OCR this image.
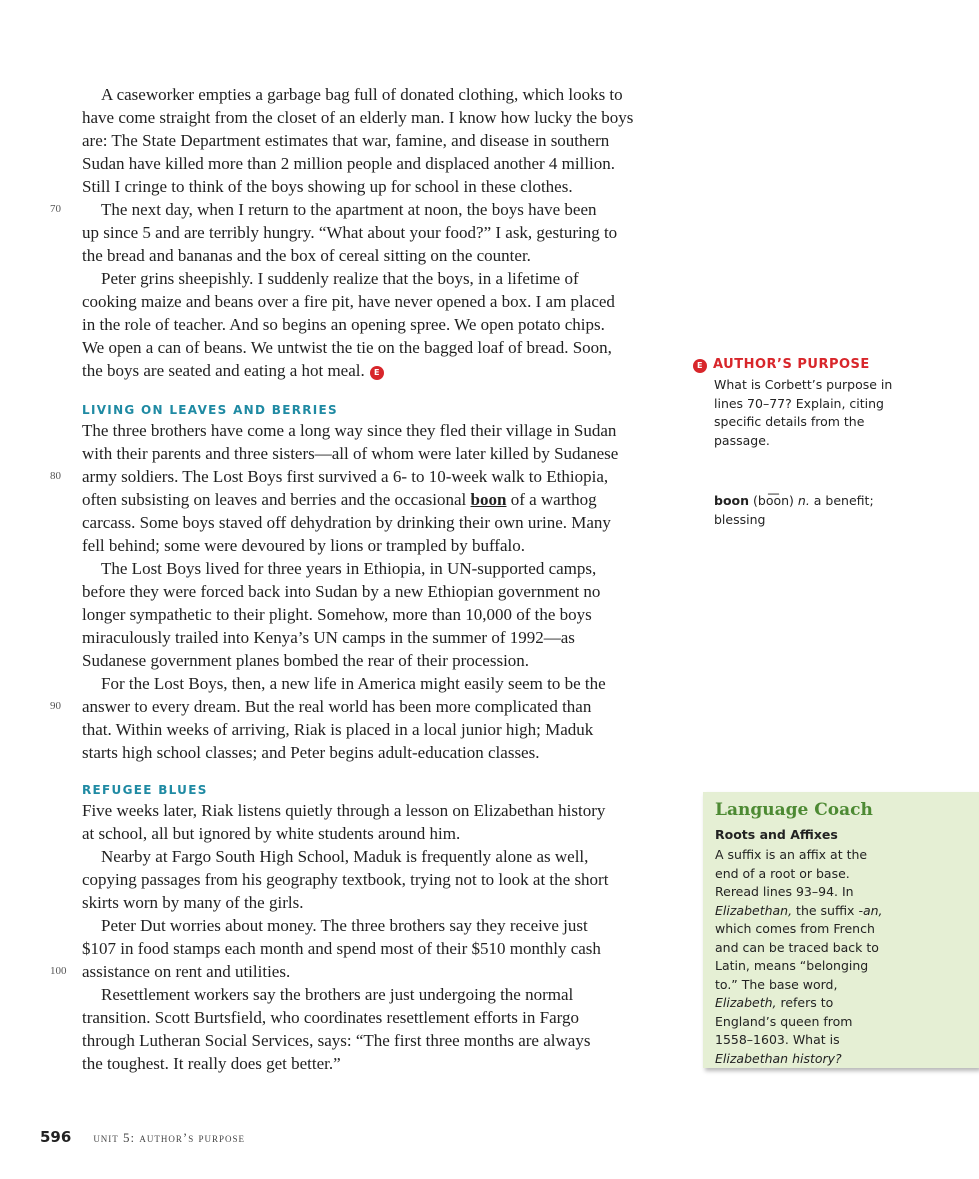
A caseworker empties a garbage bag full of donated clothing, which looks to
have come straight from the closet of an elderly man. I know how lucky the boys
are: The State Department estimates that war, famine, and disease in southern
Sudan have killed more than 2 million people and displaced another 4 million.
Still I cringe to think of the boys showing up for school in these clothes.
70	The next day, when I return to the apartment at noon, the boys have been
up since 5 and are terribly hungry. “What about your food?” I ask, gesturing to
the bread and bananas and the box of cereal sitting on the counter.
Peter grins sheepishly. I suddenly realize that the boys, in a lifetime of
cooking maize and beans over a fire pit, have never opened a box. I am placed
in the role of teacher. And so begins an opening spree. We open potato chips.
We open a can of beans. We untwist the tie on the bagged loaf of bread. Soon,
the boys are seated and eating a hot meal. E
LIVING ON LEAVES AND BERRIES
The three brothers have come a long way since they fled their village in Sudan
with their parents and three sisters—all of whom were later killed by Sudanese
80	army soldiers. The Lost Boys first survived a 6- to 10-week walk to Ethiopia,
often subsisting on leaves and berries and the occasional boon of a warthog
carcass. Some boys staved off dehydration by drinking their own urine. Many
fell behind; some were devoured by lions or trampled by buffalo.
The Lost Boys lived for three years in Ethiopia, in UN-supported camps,
before they were forced back into Sudan by a new Ethiopian government no
longer sympathetic to their plight. Somehow, more than 10,000 of the boys
miraculously trailed into Kenya’s UN camps in the summer of 1992—as
Sudanese government planes bombed the rear of their procession.
For the Lost Boys, then, a new life in America might easily seem to be the
90	answer to every dream. But the real world has been more complicated than
that. Within weeks of arriving, Riak is placed in a local junior high; Maduk
starts high school classes; and Peter begins adult-education classes.
REFUGEE BLUES
Five weeks later, Riak listens quietly through a lesson on Elizabethan history
at school, all but ignored by white students around him.
Nearby at Fargo South High School, Maduk is frequently alone as well,
copying passages from his geography textbook, trying not to look at the short
skirts worn by many of the girls.
Peter Dut worries about money. The three brothers say they receive just
$107 in food stamps each month and spend most of their $510 monthly cash
100 assistance on rent and utilities.
Resettlement workers say the brothers are just undergoing the normal
transition. Scott Burtsfield, who coordinates resettlement efforts in Fargo
through Lutheran Social Services, says: “The first three months are always
the toughest. It really does get better.”
E AUTHOR’S PURPOSE
What is Corbett’s purpose in lines 70–77? Explain, citing specific details from the passage.
boon (bo͞on) n. a benefit; blessing
Language Coach
Roots and Affixes
A suffix is an affix at the end of a root or base. Reread lines 93–94. In Elizabethan, the suffix -an, which comes from French and can be traced back to Latin, means “belonging to.” The base word, Elizabeth, refers to England’s queen from 1558–1603. What is Elizabethan history?
596 unit 5: author’s purpose
